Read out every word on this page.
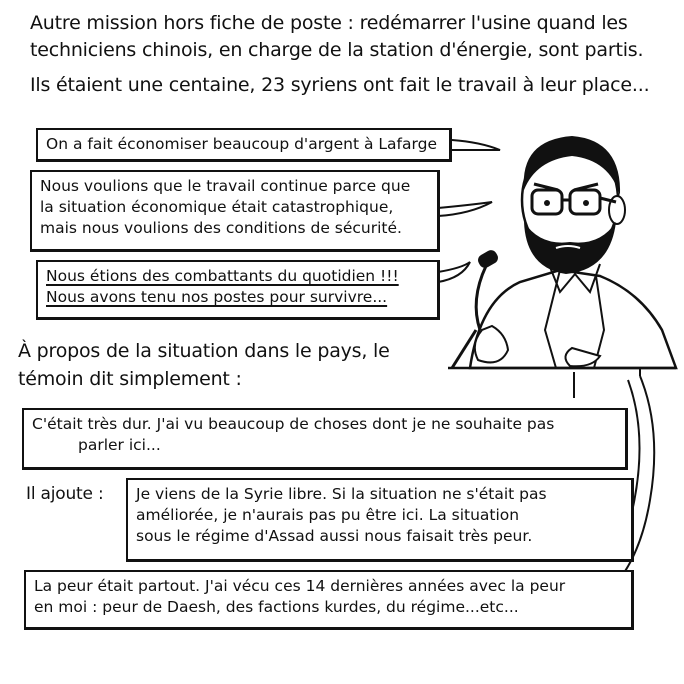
Autre mission hors fiche de poste : redémarrer l'usine quand les

techniciens chinois, en charge de la station d'énergie, sont partis.

Ils étaient une centaine, 23 syriens ont fait le travail à leur place...

On a fait économiser beaucoup d'argent à Lafarge
Nous voulions que le travail continue parce que
la situation économique était catastrophique,
mais nous voulions des conditions de sécurité.
Nous étions des combattants du quotidien !!!
Nous avons tenu nos postes pour survivre...

À propos de la situation dans le pays, le

témoin dit simplement :

C'était très dur. J'ai vu beaucoup de choses dont je ne souhaite pas
parler ici...

Il ajoute : Je viens de la Syrie libre. Si la situation ne s'était pas
améliorée, je n'aurais pas pu être ici. La situation
sous le régime d'Assad aussi nous faisait très peur.
La peur était partout. J'ai vécu ces 14 dernières années avec la peur
en moi : peur de Daesh, des factions kurdes, du régime...etc...
